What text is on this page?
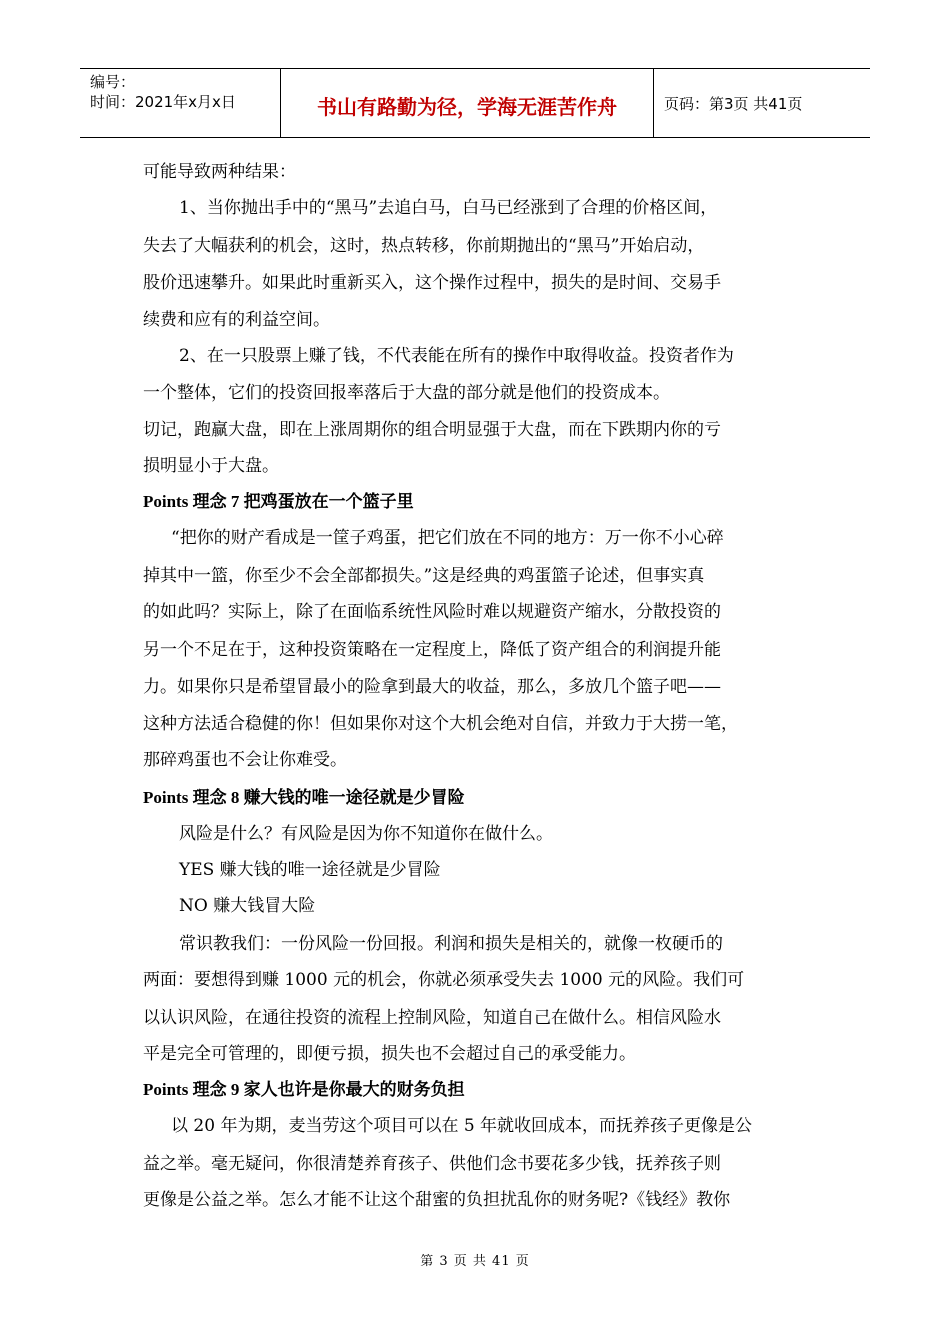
编号：
时间：2021年x月x日	书山有路勤为径，学海无涯苦作舟	页码：第3页 共41页
可能导致两种结果：
1、当你抛出手中的“黑马”去追白马，白马已经涨到了合理的价格区间，
失去了大幅获利的机会，这时，热点转移，你前期抛出的“黑马”开始启动，
股价迅速攀升。如果此时重新买入，这个操作过程中，损失的是时间、交易手
续费和应有的利益空间。
2、在一只股票上赚了钱，不代表能在所有的操作中取得收益。投资者作为
一个整体，它们的投资回报率落后于大盘的部分就是他们的投资成本。
切记，跑赢大盘，即在上涨周期你的组合明显强于大盘，而在下跌期内你的亏
损明显小于大盘。
Points 理念 7 把鸡蛋放在一个篮子里
“把你的财产看成是一筐子鸡蛋，把它们放在不同的地方：万一你不小心碎
掉其中一篮，你至少不会全部都损失。”这是经典的鸡蛋篮子论述，但事实真
的如此吗？实际上，除了在面临系统性风险时难以规避资产缩水，分散投资的
另一个不足在于，这种投资策略在一定程度上，降低了资产组合的利润提升能
力。如果你只是希望冒最小的险拿到最大的收益，那么，多放几个篮子吧——
这种方法适合稳健的你！但如果你对这个大机会绝对自信，并致力于大捞一笔，
那碎鸡蛋也不会让你难受。
Points 理念 8 赚大钱的唯一途径就是少冒险
风险是什么？有风险是因为你不知道你在做什么。
YES 赚大钱的唯一途径就是少冒险
NO 赚大钱冒大险
常识教我们：一份风险一份回报。利润和损失是相关的，就像一枚硬币的
两面：要想得到赚 1000 元的机会，你就必须承受失去 1000 元的风险。我们可
以认识风险，在通往投资的流程上控制风险，知道自己在做什么。相信风险水
平是完全可管理的，即便亏损，损失也不会超过自己的承受能力。
Points 理念 9 家人也许是你最大的财务负担
以 20 年为期，麦当劳这个项目可以在 5 年就收回成本，而抚养孩子更像是公
益之举。毫无疑问，你很清楚养育孩子、供他们念书要花多少钱，抚养孩子则
更像是公益之举。怎么才能不让这个甜蜜的负担扰乱你的财务呢?《钱经》教你
第 3 页 共 41 页
